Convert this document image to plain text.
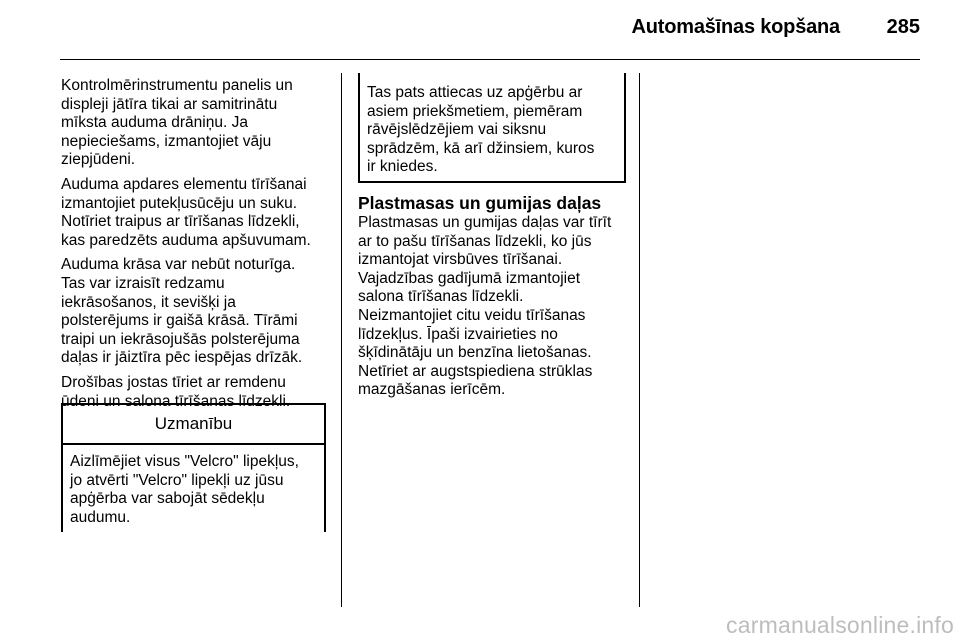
Automašīnas kopšana 285

Kontrolmērinstrumentu panelis un
displeji jātīra tikai ar samitrinātu
mīksta auduma drāniņu. Ja
nepieciešams, izmantojiet vāju
ziepjūdeni.

Auduma apdares elementu tīrīšanai
izmantojiet putekļusūcēju un suku.
Notīriet traipus ar tīrīšanas līdzekli,
kas paredzēts auduma apšuvumam.

Auduma krāsa var nebūt noturīga.
Tas var izraisīt redzamu
iekrāsošanos, it sevišķi ja
polsterējums ir gaišā krāsā. Tīrāmi
traipi un iekrāsojušās polsterējuma
daļas ir jāiztīra pēc iespējas drīzāk.

Drošības jostas tīriet ar remdenu
ūdeni un salona tīrīšanas līdzekli.

Uzmanību
Aizlīmējiet visus "Velcro" lipekļus,
jo atvērti "Velcro" lipekļi uz jūsu
apģērba var sabojāt sēdekļu
audumu.
Tas pats attiecas uz apģērbu ar
asiem priekšmetiem, piemēram
rāvējslēdzējiem vai siksnu
sprādzēm, kā arī džinsiem, kuros
ir kniedes.
Plastmasas un gumijas daļas
Plastmasas un gumijas daļas var tīrīt
ar to pašu tīrīšanas līdzekli, ko jūs
izmantojat virsbūves tīrīšanai.
Vajadzības gadījumā izmantojiet
salona tīrīšanas līdzekli.
Neizmantojiet citu veidu tīrīšanas
līdzekļus. Īpaši izvairieties no
šķīdinātāju un benzīna lietošanas.
Netīriet ar augstspiediena strūklas
mazgāšanas ierīcēm.
carmanualsonline.info
